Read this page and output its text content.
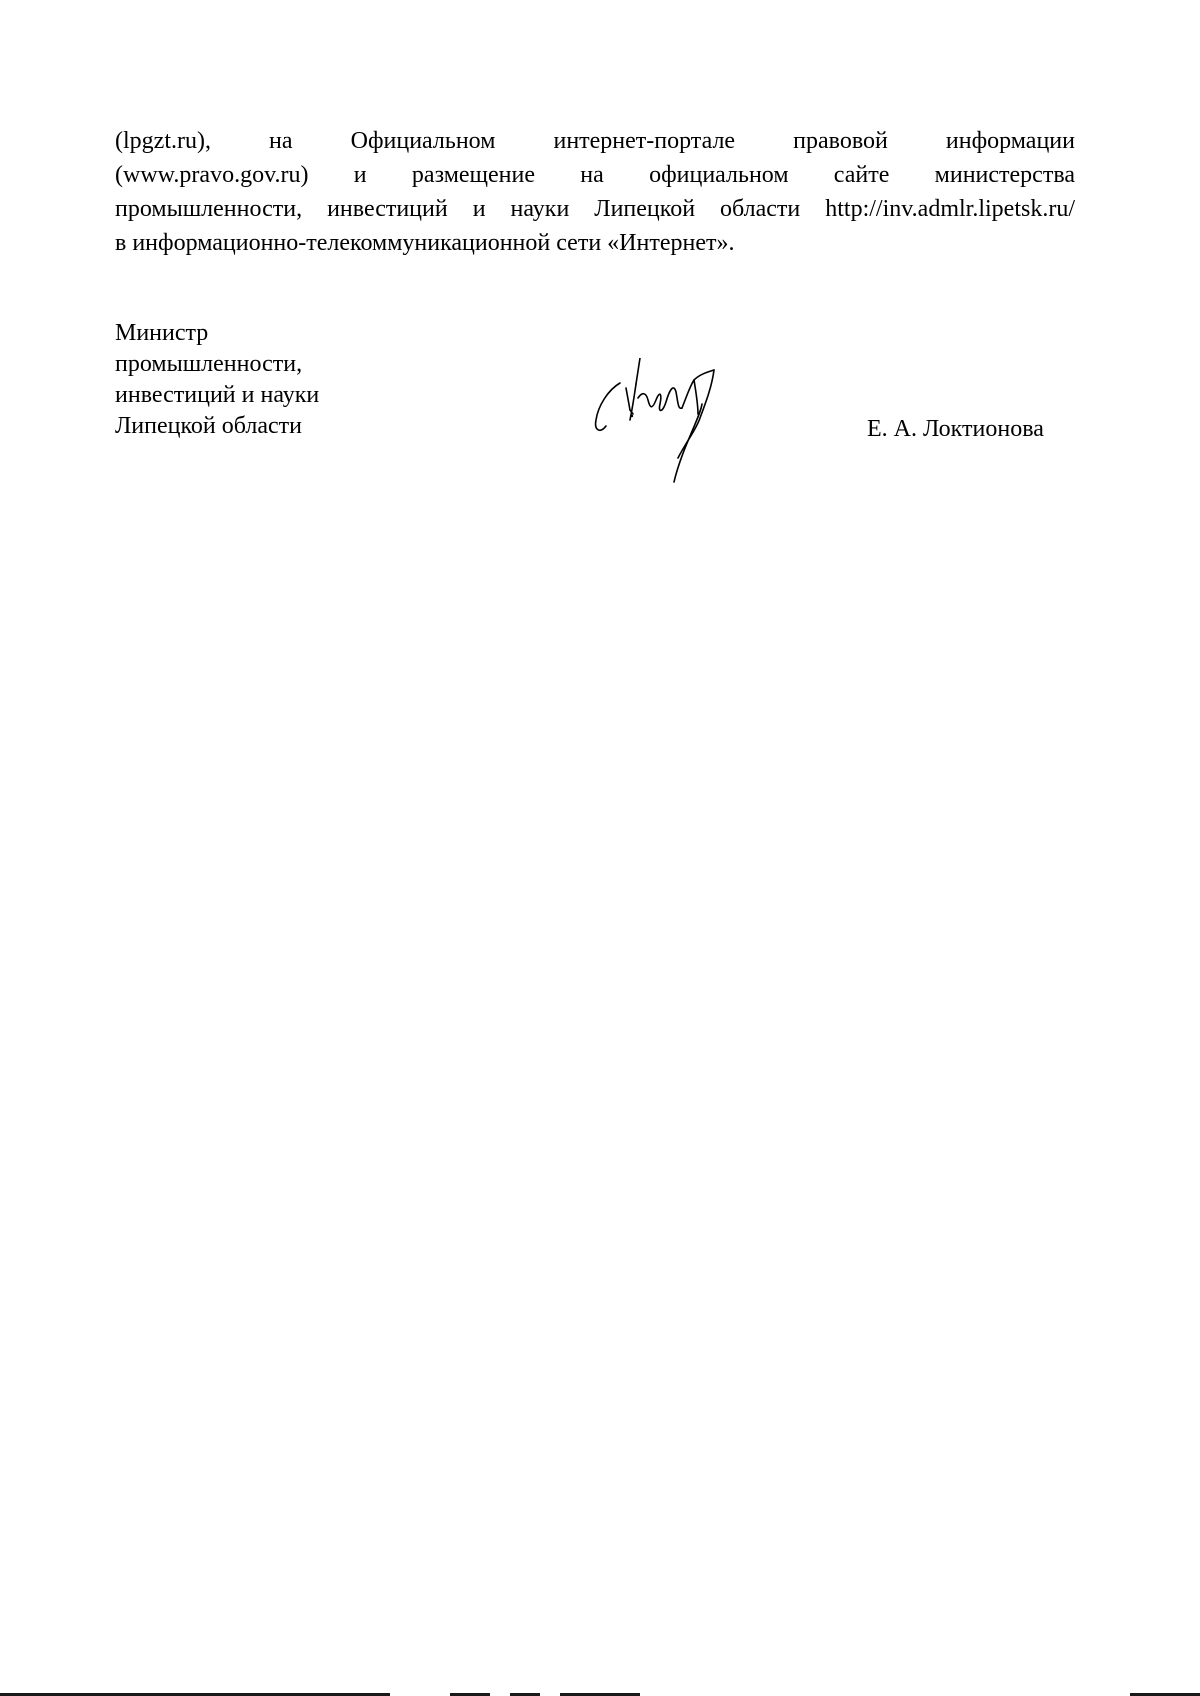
(lpgzt.ru), на Официальном интернет-портале правовой информации
(www.pravo.gov.ru) и размещение на официальном сайте министерства
промышленности, инвестиций и науки Липецкой области http://inv.admlr.lipetsk.ru/
в информационно-телекоммуникационной сети «Интернет».
Министр
промышленности,
инвестиций и науки
Липецкой области	Е. А. Локтионова
